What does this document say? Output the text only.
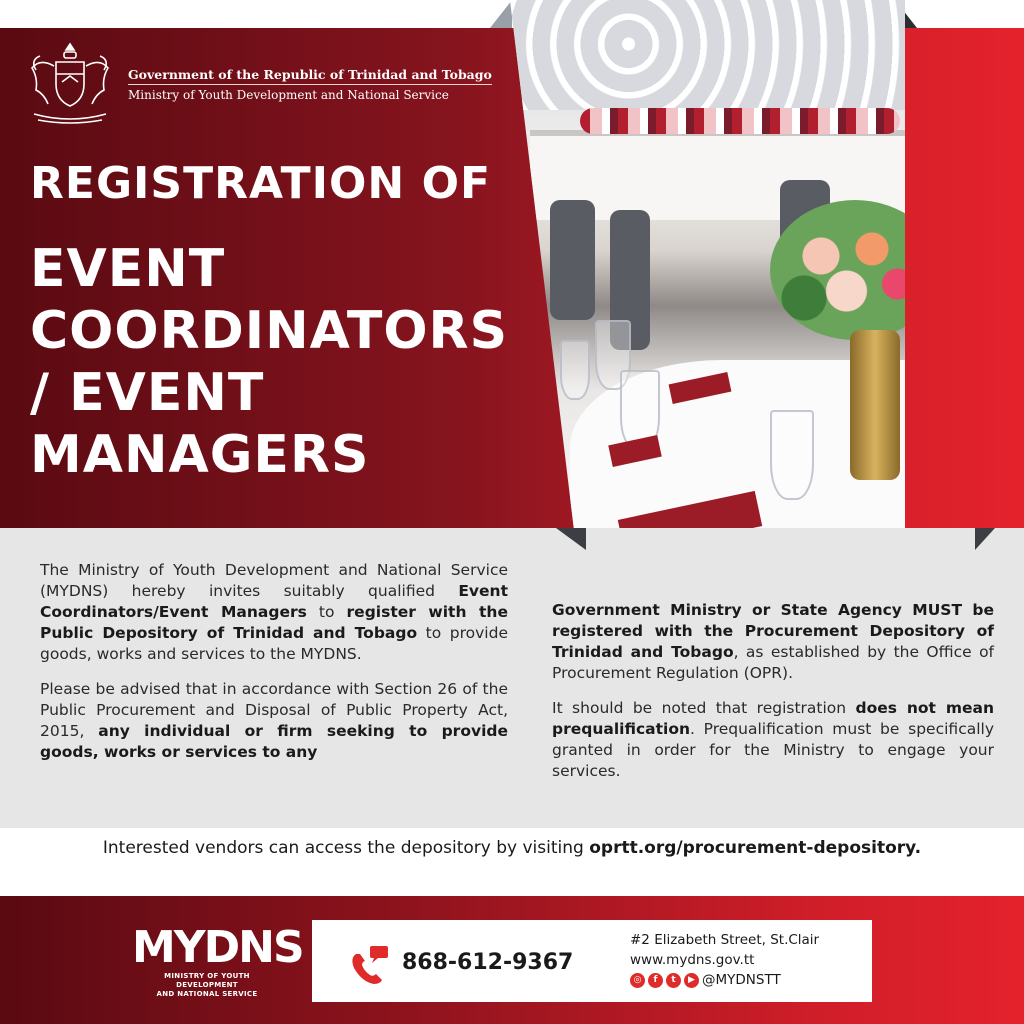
Government of the Republic of Trinidad and Tobago
Ministry of Youth Development and National Service
REGISTRATION OF
EVENT
COORDINATORS
/ EVENT
MANAGERS

The Ministry of Youth Development and National Service (MYDNS) hereby invites suitably qualified Event Coordinators/Event Managers to register with the Public Depository of Trinidad and Tobago to provide goods, works and services to the MYDNS.

Please be advised that in accordance with Section 26 of the Public Procurement and Disposal of Public Property Act, 2015, any individual or firm seeking to provide goods, works or services to any

Government Ministry or State Agency MUST be registered with the Procurement Depository of Trinidad and Tobago, as established by the Office of Procurement Regulation (OPR).

It should be noted that registration does not mean prequalification. Prequalification must be specifically granted in order for the Ministry to engage your services.

Interested vendors can access the depository by visiting oprtt.org/procurement-depository.
MYDNS
MINISTRY OF YOUTH DEVELOPMENT
AND NATIONAL SERVICE
868-612-9367
#2 Elizabeth Street, St.Clair
www.mydns.gov.tt
◎	f	t	▶ @MYDNSTT
